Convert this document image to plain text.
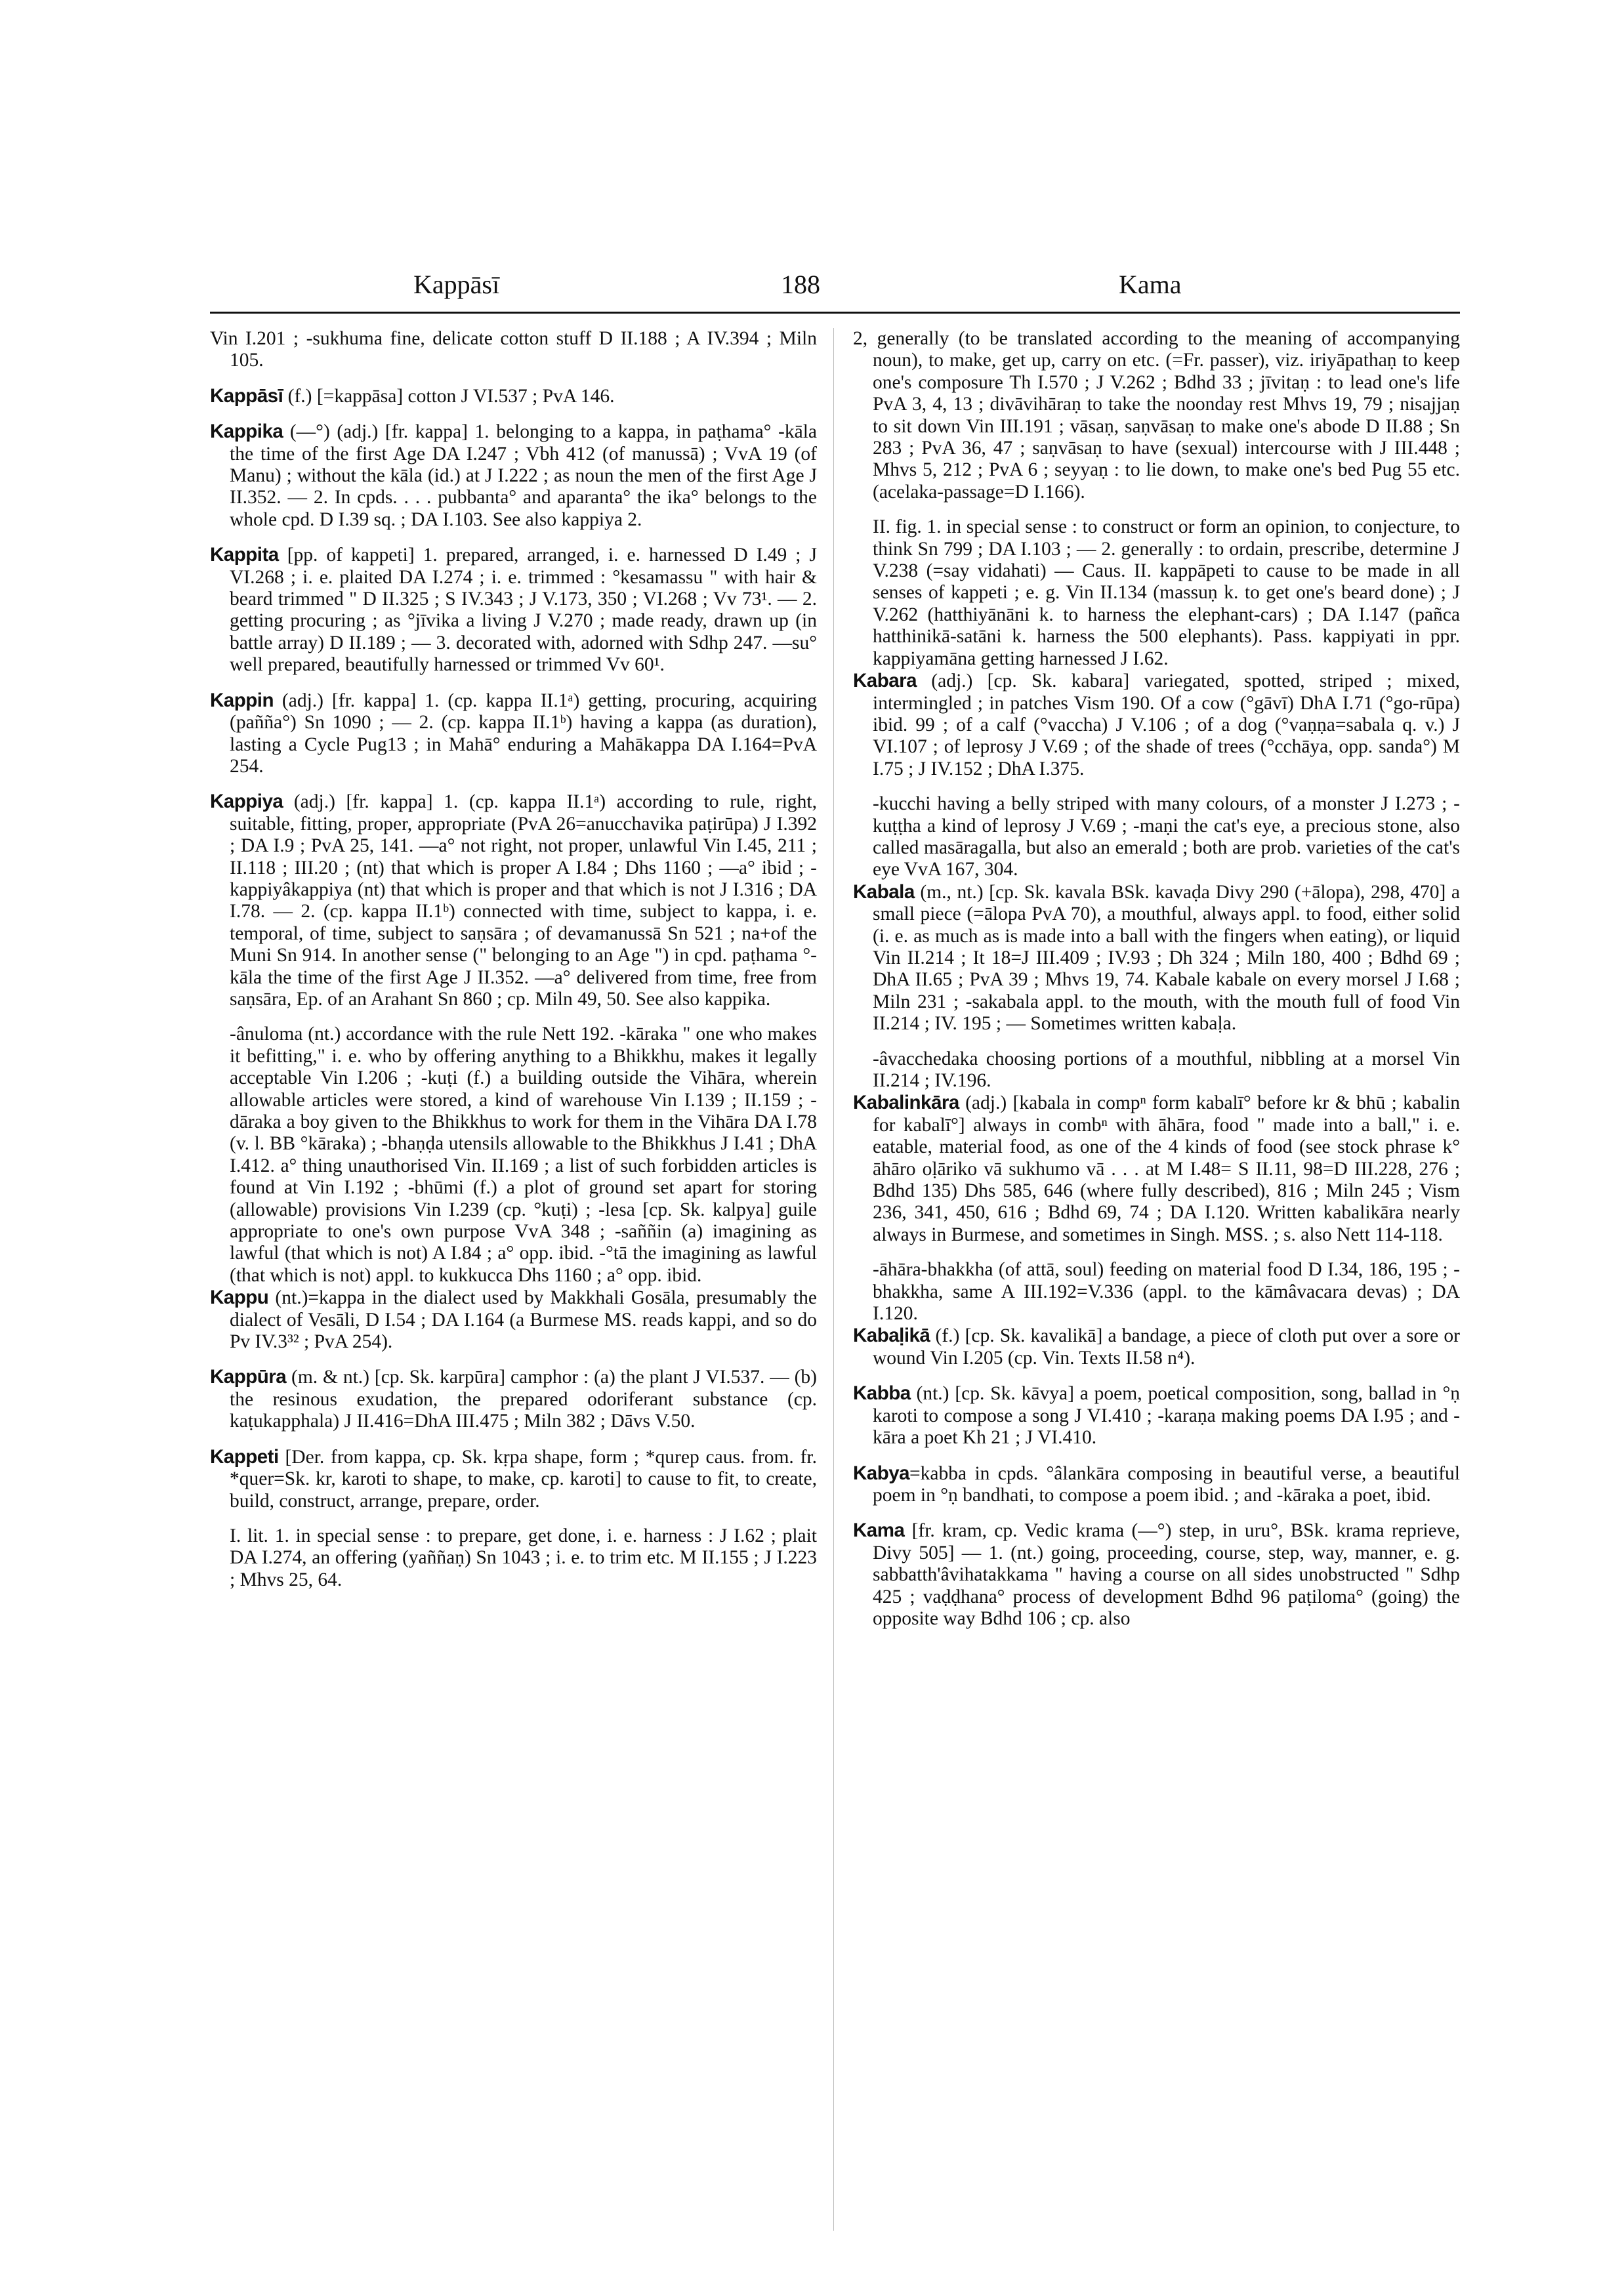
Kappāsī	188	Kama

Vin I.201 ; -sukhuma fine, delicate cotton stuff D II.188 ; A IV.394 ; Miln 105.

Kappāsī (f.) [=kappāsa] cotton J VI.537 ; PvA 146.

Kappika (—°) (adj.) [fr. kappa] 1. belonging to a kappa, in paṭhama° -kāla the time of the first Age DA I.247 ; Vbh 412 (of manussā) ; VvA 19 (of Manu) ; without the kāla (id.) at J I.222 ; as noun the men of the first Age J II.352. — 2. In cpds. . . . pubbanta° and aparanta° the ika° belongs to the whole cpd. D I.39 sq. ; DA I.103. See also kappiya 2.

Kappita [pp. of kappeti] 1. prepared, arranged, i. e. harnessed D I.49 ; J VI.268 ; i. e. plaited DA I.274 ; i. e. trimmed : °kesamassu " with hair & beard trimmed " D II.325 ; S IV.343 ; J V.173, 350 ; VI.268 ; Vv 73¹. — 2. getting procuring ; as °jīvika a living J V.270 ; made ready, drawn up (in battle array) D II.189 ; — 3. decorated with, adorned with Sdhp 247. —su° well prepared, beautifully harnessed or trimmed Vv 60¹.

Kappin (adj.) [fr. kappa] 1. (cp. kappa II.1ᵃ) getting, procuring, acquiring (pañña°) Sn 1090 ; — 2. (cp. kappa II.1ᵇ) having a kappa (as duration), lasting a Cycle Pug13 ; in Mahā° enduring a Mahākappa DA I.164=PvA 254.

Kappiya (adj.) [fr. kappa] 1. (cp. kappa II.1ᵃ) according to rule, right, suitable, fitting, proper, appropriate (PvA 26=anucchavika paṭirūpa) J I.392 ; DA I.9 ; PvA 25, 141. —a° not right, not proper, unlawful Vin I.45, 211 ; II.118 ; III.20 ; (nt) that which is proper A I.84 ; Dhs 1160 ; —a° ibid ; -kappiyâkappiya (nt) that which is proper and that which is not J I.316 ; DA I.78. — 2. (cp. kappa II.1ᵇ) connected with time, subject to kappa, i. e. temporal, of time, subject to saṇsāra ; of devamanussā Sn 521 ; na+of the Muni Sn 914. In another sense (" belonging to an Age ") in cpd. paṭhama °-kāla the time of the first Age J II.352. —a° delivered from time, free from saṇsāra, Ep. of an Arahant Sn 860 ; cp. Miln 49, 50. See also kappika.

-ânuloma (nt.) accordance with the rule Nett 192. -kāraka " one who makes it befitting," i. e. who by offering anything to a Bhikkhu, makes it legally acceptable Vin I.206 ; -kuṭi (f.) a building outside the Vihāra, wherein allowable articles were stored, a kind of warehouse Vin I.139 ; II.159 ; -dāraka a boy given to the Bhikkhus to work for them in the Vihāra DA I.78 (v. l. BB °kāraka) ; -bhaṇḍa utensils allowable to the Bhikkhus J I.41 ; DhA I.412. a° thing unauthorised Vin. II.169 ; a list of such forbidden articles is found at Vin I.192 ; -bhūmi (f.) a plot of ground set apart for storing (allowable) provisions Vin I.239 (cp. °kuṭi) ; -lesa [cp. Sk. kalpya] guile appropriate to one's own purpose VvA 348 ; -saññin (a) imagining as lawful (that which is not) A I.84 ; a° opp. ibid. -°tā the imagining as lawful (that which is not) appl. to kukkucca Dhs 1160 ; a° opp. ibid.

Kappu (nt.)=kappa in the dialect used by Makkhali Gosāla, presumably the dialect of Vesāli, D I.54 ; DA I.164 (a Burmese MS. reads kappi, and so do Pv IV.3³² ; PvA 254).

Kappūra (m. & nt.) [cp. Sk. karpūra] camphor : (a) the plant J VI.537. — (b) the resinous exudation, the prepared odoriferant substance (cp. kaṭukapphala) J II.416=DhA III.475 ; Miln 382 ; Dāvs V.50.

Kappeti [Der. from kappa, cp. Sk. kṛpa shape, form ; *qurep caus. from. fr. *quer=Sk. kr, karoti to shape, to make, cp. karoti] to cause to fit, to create, build, construct, arrange, prepare, order.

I. lit. 1. in special sense : to prepare, get done, i. e. harness : J I.62 ; plait DA I.274, an offering (yaññaṇ) Sn 1043 ; i. e. to trim etc. M II.155 ; J I.223 ; Mhvs 25, 64.

2, generally (to be translated according to the meaning of accompanying noun), to make, get up, carry on etc. (=Fr. passer), viz. iriyāpathaṇ to keep one's composure Th I.570 ; J V.262 ; Bdhd 33 ; jīvitaṇ : to lead one's life PvA 3, 4, 13 ; divāvihāraṇ to take the noonday rest Mhvs 19, 79 ; nisajjaṇ to sit down Vin III.191 ; vāsaṇ, saṇvāsaṇ to make one's abode D II.88 ; Sn 283 ; PvA 36, 47 ; saṇvāsaṇ to have (sexual) intercourse with J III.448 ; Mhvs 5, 212 ; PvA 6 ; seyyaṇ : to lie down, to make one's bed Pug 55 etc. (acelaka-passage=D I.166).

II. fig. 1. in special sense : to construct or form an opinion, to conjecture, to think Sn 799 ; DA I.103 ; — 2. generally : to ordain, prescribe, determine J V.238 (=say vidahati) — Caus. II. kappāpeti to cause to be made in all senses of kappeti ; e. g. Vin II.134 (massuṇ k. to get one's beard done) ; J V.262 (hatthiyānāni k. to harness the elephant-cars) ; DA I.147 (pañca hatthinikā-satāni k. harness the 500 elephants). Pass. kappiyati in ppr. kappiyamāna getting harnessed J I.62.

Kabara (adj.) [cp. Sk. kabara] variegated, spotted, striped ; mixed, intermingled ; in patches Vism 190. Of a cow (°gāvī) DhA I.71 (°go-rūpa) ibid. 99 ; of a calf (°vaccha) J V.106 ; of a dog (°vaṇṇa=sabala q. v.) J VI.107 ; of leprosy J V.69 ; of the shade of trees (°cchāya, opp. sanda°) M I.75 ; J IV.152 ; DhA I.375.

-kucchi having a belly striped with many colours, of a monster J I.273 ; -kuṭṭha a kind of leprosy J V.69 ; -maṇi the cat's eye, a precious stone, also called masāragalla, but also an emerald ; both are prob. varieties of the cat's eye VvA 167, 304.

Kabala (m., nt.) [cp. Sk. kavala BSk. kavaḍa Divy 290 (+ālopa), 298, 470] a small piece (=ālopa PvA 70), a mouthful, always appl. to food, either solid (i. e. as much as is made into a ball with the fingers when eating), or liquid Vin II.214 ; It 18=J III.409 ; IV.93 ; Dh 324 ; Miln 180, 400 ; Bdhd 69 ; DhA II.65 ; PvA 39 ; Mhvs 19, 74. Kabale kabale on every morsel J I.68 ; Miln 231 ; -sakabala appl. to the mouth, with the mouth full of food Vin II.214 ; IV. 195 ; — Sometimes written kabaḷa.

-âvacchedaka choosing portions of a mouthful, nibbling at a morsel Vin II.214 ; IV.196.

Kabalinkāra (adj.) [kabala in compⁿ form kabalī° before kr & bhū ; kabalin for kabalī°] always in combⁿ with āhāra, food " made into a ball," i. e. eatable, material food, as one of the 4 kinds of food (see stock phrase k° āhāro oḷāriko vā sukhumo vā . . . at M I.48= S II.11, 98=D III.228, 276 ; Bdhd 135) Dhs 585, 646 (where fully described), 816 ; Miln 245 ; Vism 236, 341, 450, 616 ; Bdhd 69, 74 ; DA I.120. Written kabalikāra nearly always in Burmese, and sometimes in Singh. MSS. ; s. also Nett 114-118.

-āhāra-bhakkha (of attā, soul) feeding on material food D I.34, 186, 195 ; -bhakkha, same A III.192=V.336 (appl. to the kāmâvacara devas) ; DA I.120.

Kabaḷikā (f.) [cp. Sk. kavalikā] a bandage, a piece of cloth put over a sore or wound Vin I.205 (cp. Vin. Texts II.58 n⁴).

Kabba (nt.) [cp. Sk. kāvya] a poem, poetical composition, song, ballad in °ṇ karoti to compose a song J VI.410 ; -karaṇa making poems DA I.95 ; and -kāra a poet Kh 21 ; J VI.410.

Kabya=kabba in cpds. °âlankāra composing in beautiful verse, a beautiful poem in °ṇ bandhati, to compose a poem ibid. ; and -kāraka a poet, ibid.

Kama [fr. kram, cp. Vedic krama (—°) step, in uru°, BSk. krama reprieve, Divy 505] — 1. (nt.) going, proceeding, course, step, way, manner, e. g. sabbatth'âvihatakkama " having a course on all sides unobstructed " Sdhp 425 ; vaḍḍhana° process of development Bdhd 96 paṭiloma° (going) the opposite way Bdhd 106 ; cp. also
